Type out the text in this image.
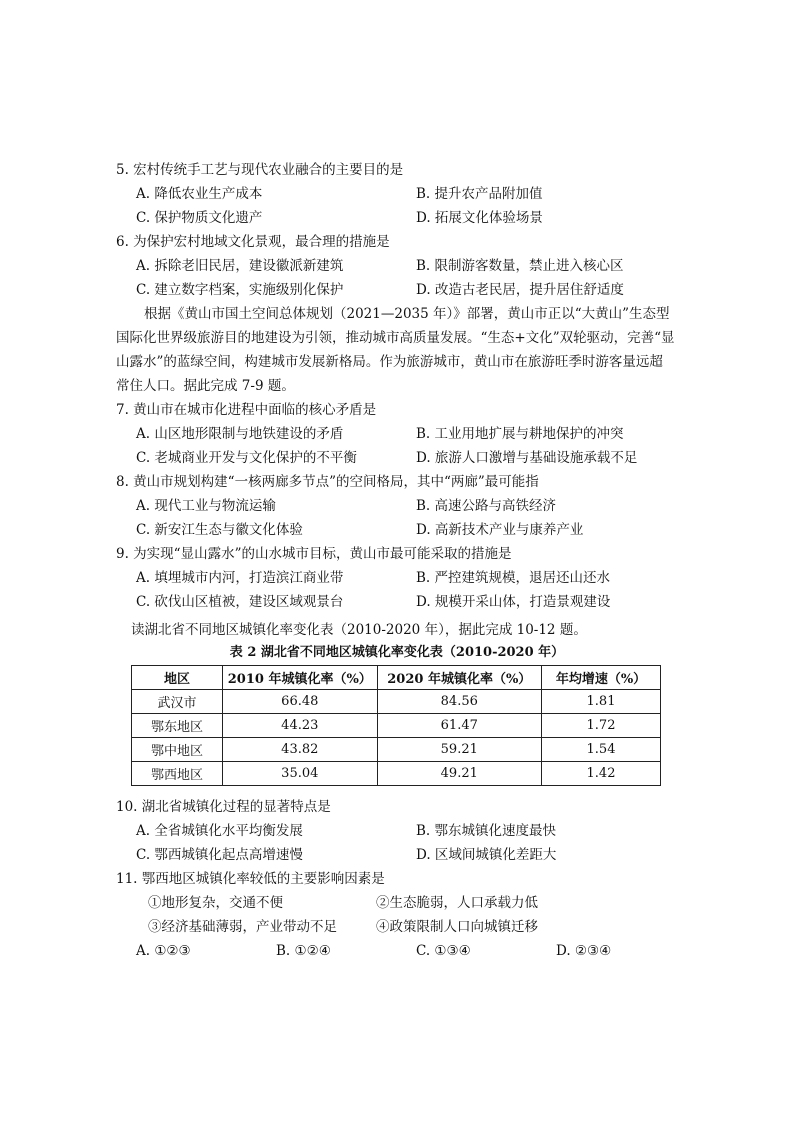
5. 宏村传统手工艺与现代农业融合的主要目的是
A. 降低农业生产成本	B. 提升农产品附加值
C. 保护物质文化遗产	D. 拓展文化体验场景
6. 为保护宏村地域文化景观，最合理的措施是
A. 拆除老旧民居，建设徽派新建筑	B. 限制游客数量，禁止进入核心区
C. 建立数字档案，实施级别化保护	D. 改造古老民居，提升居住舒适度
根据《黄山市国土空间总体规划（2021—2035 年）》部署，黄山市正以“大黄山”生态型国际化世界级旅游目的地建设为引领，推动城市高质量发展。“生态+文化”双轮驱动，完善“显山露水”的蓝绿空间，构建城市发展新格局。作为旅游城市，黄山市在旅游旺季时游客量远超常住人口。据此完成 7-9 题。
7. 黄山市在城市化进程中面临的核心矛盾是
A. 山区地形限制与地铁建设的矛盾	B. 工业用地扩展与耕地保护的冲突
C. 老城商业开发与文化保护的不平衡	D. 旅游人口激增与基础设施承载不足
8. 黄山市规划构建“一核两廊多节点”的空间格局，其中“两廊”最可能指
A. 现代工业与物流运输	B. 高速公路与高铁经济
C. 新安江生态与徽文化体验	D. 高新技术产业与康养产业
9. 为实现“显山露水”的山水城市目标，黄山市最可能采取的措施是
A. 填埋城市内河，打造滨江商业带	B. 严控建筑规模，退居还山还水
C. 砍伐山区植被，建设区域观景台	D. 规模开采山体，打造景观建设
读湖北省不同地区城镇化率变化表（2010-2020 年），据此完成 10-12 题。
表 2 湖北省不同地区城镇化率变化表（2010-2020 年）
地区	2010 年城镇化率（%）	2020 年城镇化率（%）	年均增速（%）
武汉市	66.48	84.56	1.81
鄂东地区	44.23	61.47	1.72
鄂中地区	43.82	59.21	1.54
鄂西地区	35.04	49.21	1.42
10. 湖北省城镇化过程的显著特点是
A. 全省城镇化水平均衡发展	B. 鄂东城镇化速度最快
C. 鄂西城镇化起点高增速慢	D. 区域间城镇化差距大
11. 鄂西地区城镇化率较低的主要影响因素是
①地形复杂，交通不便	②生态脆弱，人口承载力低
③经济基础薄弱，产业带动不足	④政策限制人口向城镇迁移
A. ①②③	B. ①②④	C. ①③④	D. ②③④
